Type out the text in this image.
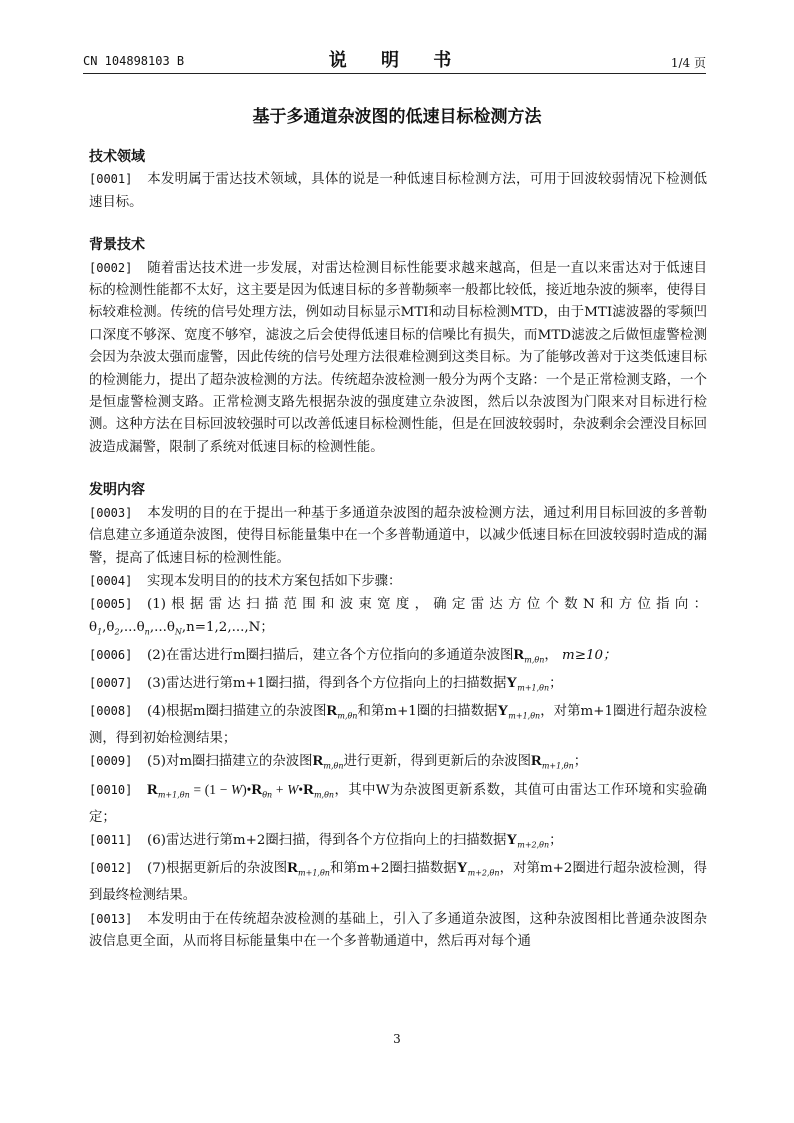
CN 104898103 B	说 明 书	1/4 页
基于多通道杂波图的低速目标检测方法
技术领域

[0001] 本发明属于雷达技术领域，具体的说是一种低速目标检测方法，可用于回波较弱情况下检测低速目标。

背景技术

[0002] 随着雷达技术进一步发展，对雷达检测目标性能要求越来越高，但是一直以来雷达对于低速目标的检测性能都不太好，这主要是因为低速目标的多普勒频率一般都比较低，接近地杂波的频率，使得目标较难检测。传统的信号处理方法，例如动目标显示MTI和动目标检测MTD，由于MTI滤波器的零频凹口深度不够深、宽度不够窄，滤波之后会使得低速目标的信噪比有损失，而MTD滤波之后做恒虚警检测会因为杂波太强而虚警，因此传统的信号处理方法很难检测到这类目标。为了能够改善对于这类低速目标的检测能力，提出了超杂波检测的方法。传统超杂波检测一般分为两个支路：一个是正常检测支路，一个是恒虚警检测支路。正常检测支路先根据杂波的强度建立杂波图，然后以杂波图为门限来对目标进行检测。这种方法在目标回波较强时可以改善低速目标检测性能，但是在回波较弱时，杂波剩余会湮没目标回波造成漏警，限制了系统对低速目标的检测性能。

发明内容

[0003] 本发明的目的在于提出一种基于多通道杂波图的超杂波检测方法，通过利用目标回波的多普勒信息建立多通道杂波图，使得目标能量集中在一个多普勒通道中，以减少低速目标在回波较弱时造成的漏警，提高了低速目标的检测性能。

[0004] 实现本发明目的的技术方案包括如下步骤：

[0005] (1)根据雷达扫描范围和波束宽度，确定雷达方位个数N和方位指向：$\theta_1,\theta_2,...\theta_n,...\theta_N,n=1,2,...,N$；

[0006] (2)在雷达进行m圈扫描后，建立各个方位指向的多通道杂波图$R_{m,\theta n}$， m≥10；

[0007] (3)雷达进行第m+1圈扫描，得到各个方位指向上的扫描数据$Y_{m+1,\theta n}$；

[0008] (4)根据m圈扫描建立的杂波图$R_{m,\theta n}$和第m+1圈的扫描数据$Y_{m+1,\theta n}$，对第m+1圈进行超杂波检测，得到初始检测结果；

[0009] (5)对m圈扫描建立的杂波图$R_{m,\theta n}$进行更新，得到更新后的杂波图$R_{m+1,\theta n}$；

[0010] $R_{m+1,\theta n} = (1$ − $W)•R_{\theta n}$ + $W•R_{m,\theta n}$，其中W为杂波图更新系数，其值可由雷达工作环境和实验确定；

[0011] (6)雷达进行第m+2圈扫描，得到各个方位指向上的扫描数据$Y_{m+2,\theta n}$；

[0012] (7)根据更新后的杂波图$R_{m+1,\theta n}$和第m+2圈扫描数据$Y_{m+2,\theta n}$，对第m+2圈进行超杂波检测，得到最终检测结果。

[0013] 本发明由于在传统超杂波检测的基础上，引入了多通道杂波图，这种杂波图相比普通杂波图杂波信息更全面，从而将目标能量集中在一个多普勒通道中，然后再对每个通

3
